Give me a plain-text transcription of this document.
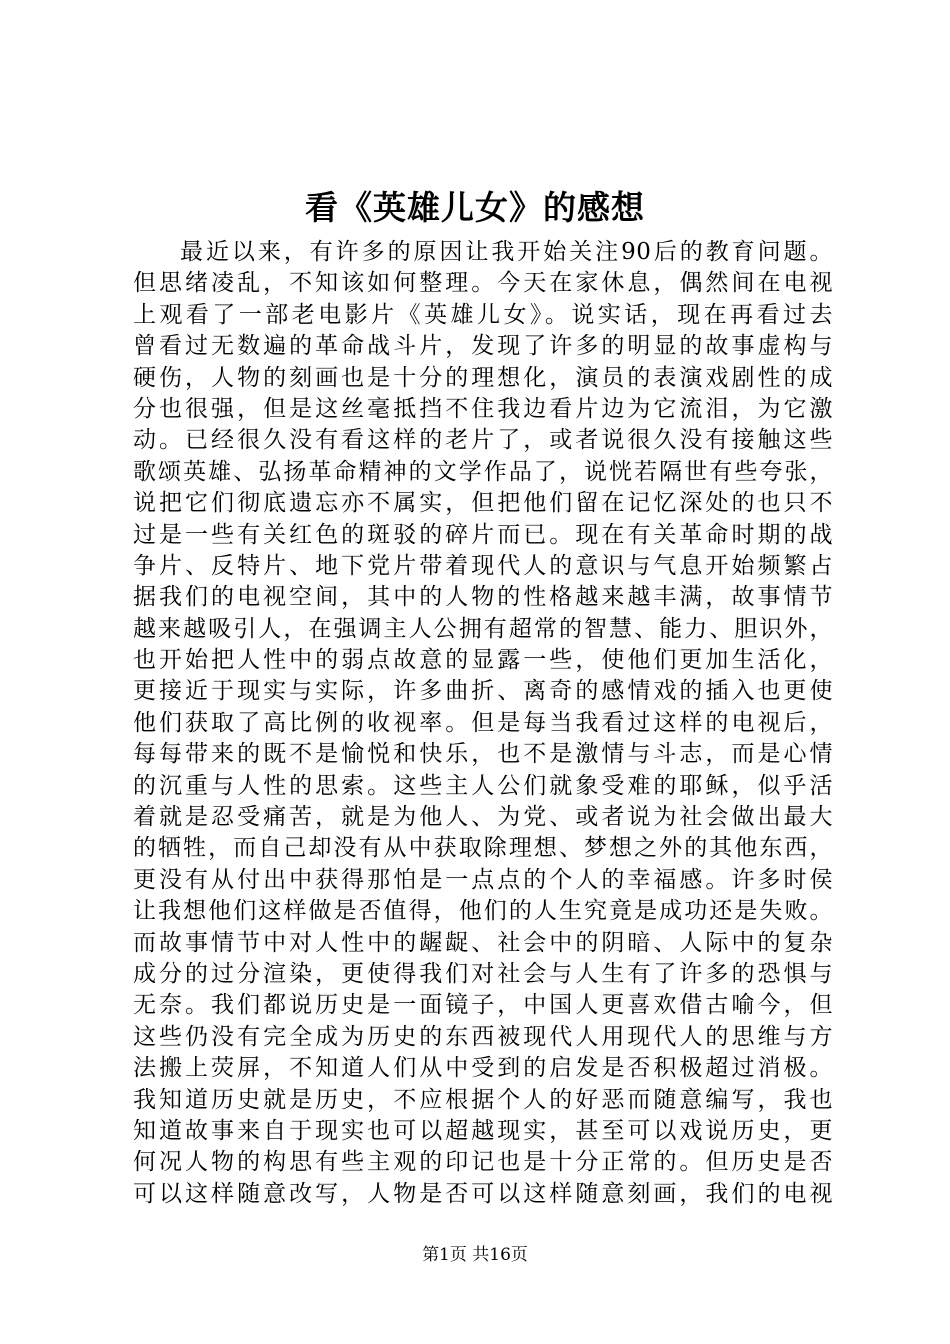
看《英雄儿女》的感想
最近以来，有许多的原因让我开始关注90后的教育问题。
但思绪凌乱，不知该如何整理。今天在家休息，偶然间在电视
上观看了一部老电影片《英雄儿女》。说实话，现在再看过去
曾看过无数遍的革命战斗片，发现了许多的明显的故事虚构与
硬伤，人物的刻画也是十分的理想化，演员的表演戏剧性的成
分也很强，但是这丝毫抵挡不住我边看片边为它流泪，为它激
动。已经很久没有看这样的老片了，或者说很久没有接触这些
歌颂英雄、弘扬革命精神的文学作品了，说恍若隔世有些夸张，
说把它们彻底遗忘亦不属实，但把他们留在记忆深处的也只不
过是一些有关红色的斑驳的碎片而已。现在有关革命时期的战
争片、反特片、地下党片带着现代人的意识与气息开始频繁占
据我们的电视空间，其中的人物的性格越来越丰满，故事情节
越来越吸引人，在强调主人公拥有超常的智慧、能力、胆识外，
也开始把人性中的弱点故意的显露一些，使他们更加生活化，
更接近于现实与实际，许多曲折、离奇的感情戏的插入也更使
他们获取了高比例的收视率。但是每当我看过这样的电视后，
每每带来的既不是愉悦和快乐，也不是激情与斗志，而是心情
的沉重与人性的思索。这些主人公们就象受难的耶稣，似乎活
着就是忍受痛苦，就是为他人、为党、或者说为社会做出最大
的牺牲，而自己却没有从中获取除理想、梦想之外的其他东西，
更没有从付出中获得那怕是一点点的个人的幸福感。许多时侯
让我想他们这样做是否值得，他们的人生究竟是成功还是失败。
而故事情节中对人性中的龌龊、社会中的阴暗、人际中的复杂
成分的过分渲染，更使得我们对社会与人生有了许多的恐惧与
无奈。我们都说历史是一面镜子，中国人更喜欢借古喻今，但
这些仍没有完全成为历史的东西被现代人用现代人的思维与方
法搬上荧屏，不知道人们从中受到的启发是否积极超过消极。
我知道历史就是历史，不应根据个人的好恶而随意编写，我也
知道故事来自于现实也可以超越现实，甚至可以戏说历史，更
何况人物的构思有些主观的印记也是十分正常的。但历史是否
可以这样随意改写，人物是否可以这样随意刻画，我们的电视
第1页 共16页
